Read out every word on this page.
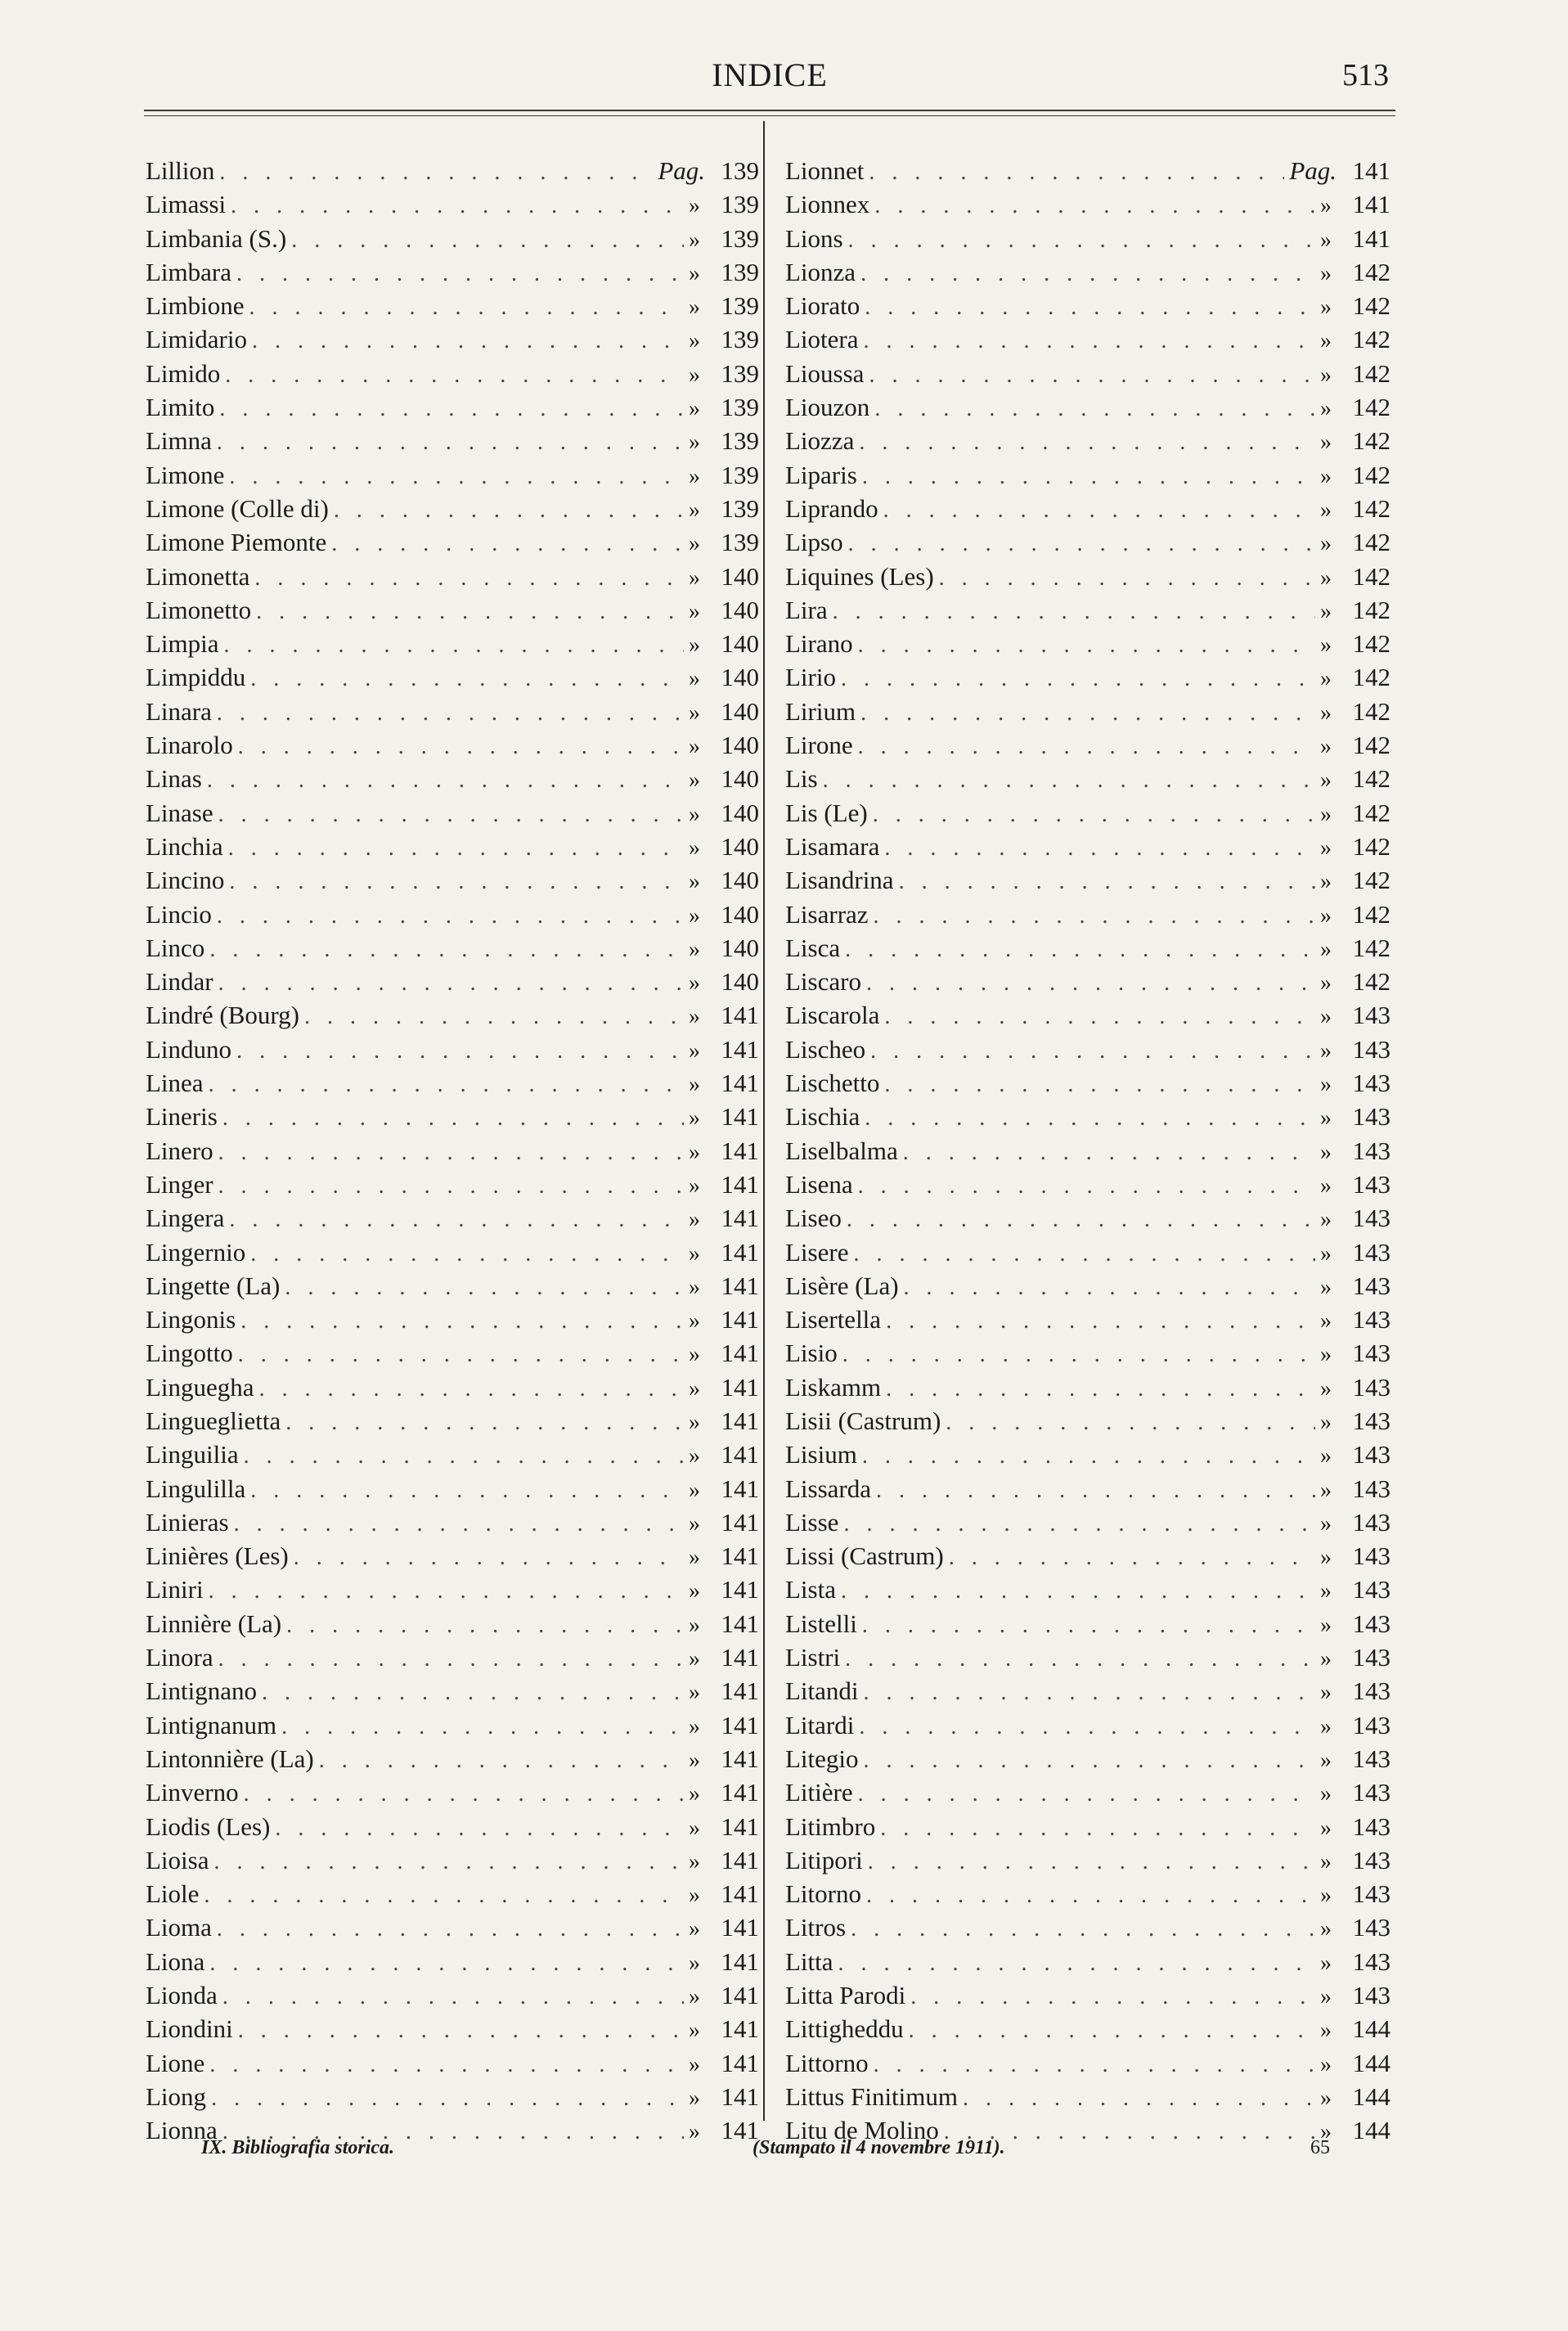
INDICE	513
Lillion . . .	Pag. 139
Limassi . . .	» 139
Limbania (S.) . . .	» 139
Limbara . . .	» 139
Limbione . . .	» 139
Limidario . . .	» 139
Limido . . .	» 139
Limito . . .	» 139
Limna . . .	» 139
Limone . . .	» 139
Limone (Colle di) . . .	» 139
Limone Piemonte . . .	» 139
Limonetta . . .	» 140
Limonetto . . .	» 140
Limpia . . .	» 140
Limpiddu . . .	» 140
Linara . . .	» 140
Linarolo . . .	» 140
Linas . . .	» 140
Linase . . .	» 140
Linchia . . .	» 140
Lincino . . .	» 140
Lincio . . .	» 140
Linco . . .	» 140
Lindar . . .	» 140
Lindré (Bourg) . . .	» 141
Linduno . . .	» 141
Linea . . .	» 141
Lineris . . .	» 141
Linero . . .	» 141
Linger . . .	» 141
Lingera . . .	» 141
Lingernio . . .	» 141
Lingette (La) . . .	» 141
Lingonis . . .	» 141
Lingotto . . .	» 141
Linguegha . . .	» 141
Lingueglietta . . .	» 141
Linguilia . . .	» 141
Lingulilla . . .	» 141
Linieras . . .	» 141
Linières (Les) . . .	» 141
Liniri . . .	» 141
Linnière (La) . . .	» 141
Linora . . .	» 141
Lintignano . . .	» 141
Lintignanum . . .	» 141
Lintonnière (La) . . .	» 141
Linverno . . .	» 141
Liodis (Les) . . .	» 141
Lioisa . . .	» 141
Liole . . .	» 141
Lioma . . .	» 141
Liona . . .	» 141
Lionda . . .	» 141
Liondini . . .	» 141
Lione . . .	» 141
Liong . . .	» 141
Lionna . . .	» 141
Lionnet . . .	Pag. 141
Lionnex . . .	» 141
Lions . . .	» 141
Lionza . . .	» 142
Liorato . . .	» 142
Liotera . . .	» 142
Lioussa . . .	» 142
Liouzon . . .	» 142
Liozza . . .	» 142
Liparis . . .	» 142
Liprando . . .	» 142
Lipso . . .	» 142
Liquines (Les) . . .	» 142
Lira . . .	» 142
Lirano . . .	» 142
Lirio . . .	» 142
Lirium . . .	» 142
Lirone . . .	» 142
Lis . . .	» 142
Lis (Le) . . .	» 142
Lisamara . . .	» 142
Lisandrina . . .	» 142
Lisarraz . . .	» 142
Lisca . . .	» 142
Liscaro . . .	» 142
Liscarola . . .	» 143
Lischeo . . .	» 143
Lischetto . . .	» 143
Lischia . . .	» 143
Liselbalma . . .	» 143
Lisena . . .	» 143
Liseo . . .	» 143
Lisere . . .	» 143
Lisère (La) . . .	» 143
Lisertella . . .	» 143
Lisio . . .	» 143
Liskamm . . .	» 143
Lisii (Castrum) . . .	» 143
Lisium . . .	» 143
Lissarda . . .	» 143
Lisse . . .	» 143
Lissi (Castrum) . . .	» 143
Lista . . .	» 143
Listelli . . .	» 143
Listri . . .	» 143
Litandi . . .	» 143
Litardi . . .	» 143
Litegio . . .	» 143
Litière . . .	» 143
Litimbro . . .	» 143
Litipori . . .	» 143
Litorno . . .	» 143
Litros . . .	» 143
Litta . . .	» 143
Litta Parodi . . .	» 143
Littigheddu . . .	» 144
Littorno . . .	» 144
Littus Finitimum . . .	» 144
Litu de Molino . . .	» 144
IX. Bibliografia storica.	(Stampato il 4 novembre 1911).	65
